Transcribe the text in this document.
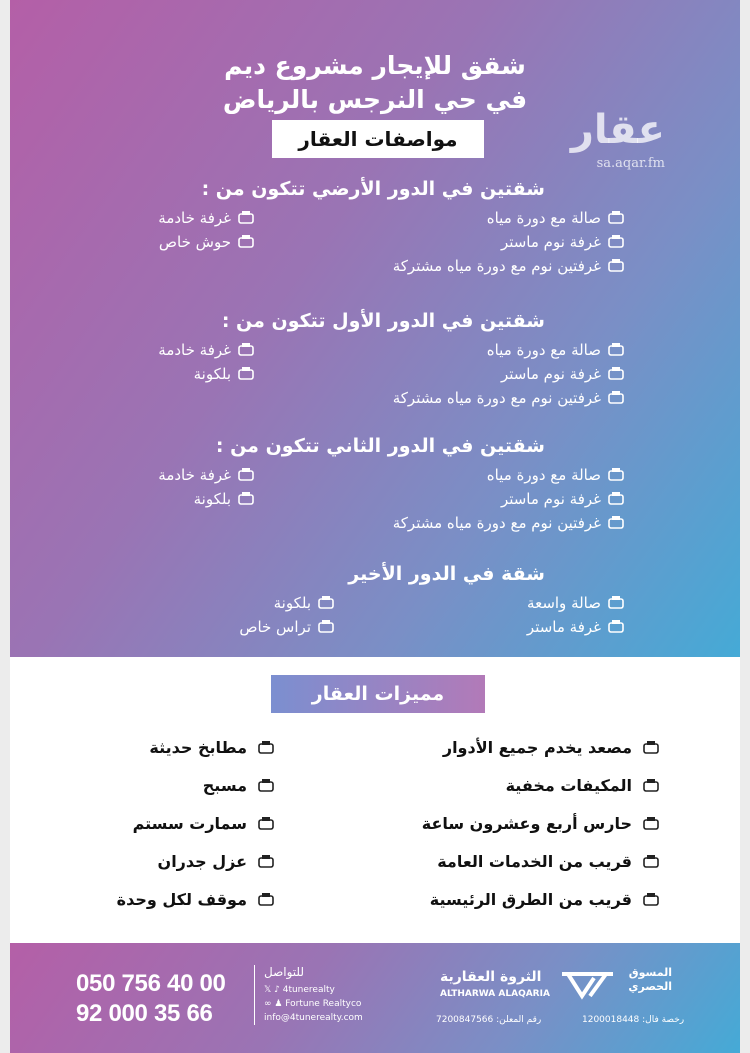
شقق للإيجار مشروع ديم
في حي النرجس بالرياض
مواصفات العقار	عقار
sa.aqar.fm
شقتين في الدور الأرضي تتكون من :
صالة مع دورة مياه
غرفة نوم ماستر
غرفتين نوم مع دورة مياه مشتركة
غرفة خادمة
حوش خاص
شقتين في الدور الأول تتكون من :
صالة مع دورة مياه
غرفة نوم ماستر
غرفتين نوم مع دورة مياه مشتركة
غرفة خادمة
بلكونة
شقتين في الدور الثاني تتكون من :
صالة مع دورة مياه
غرفة نوم ماستر
غرفتين نوم مع دورة مياه مشتركة
غرفة خادمة
بلكونة
شقة في الدور الأخير
صالة واسعة
غرفة ماستر
بلكونة
تراس خاص
مميزات العقار
مصعد يخدم جميع الأدوار
المكيفات مخفية
حارس أربع وعشرون ساعة
قريب من الخدمات العامة
قريب من الطرق الرئيسية
مطابخ حديثة
مسبح
سمارت سستم
عزل جدران
موقف لكل وحدة
050 756 40 00
92 000 35 66
للتواصل
𝕏 ♪ 4tunerealty
∞ ♟ Fortune Realtyco
info@4tunerealty.com
الثروة العقارية
ALTHARWA ALAQARIA
المسوق الحصري
رقم المعلن: 7200847566	رخصة فال: 1200018448
